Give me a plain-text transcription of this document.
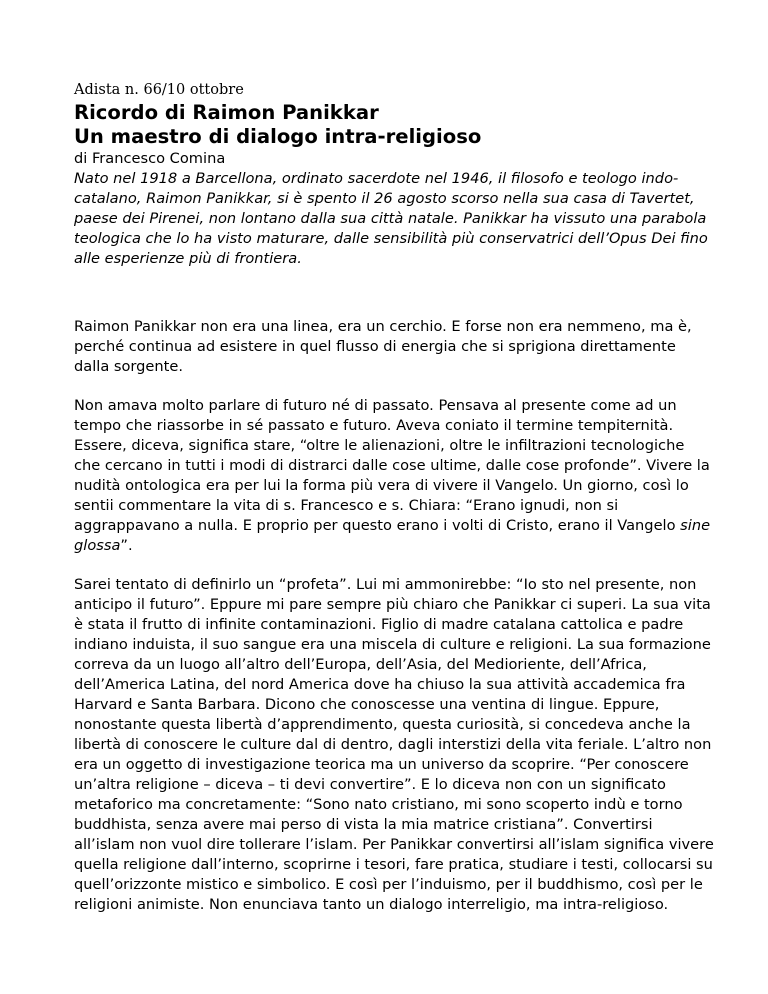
Adista n. 66/10 ottobre
Ricordo di Raimon Panikkar
Un maestro di dialogo intra-religioso

di Francesco Comina

Nato nel 1918 a Barcellona, ordinato sacerdote nel 1946, il filosofo e teologo indo-catalano, Raimon Panikkar, si è spento il 26 agosto scorso nella sua casa di Tavertet, paese dei Pirenei, non lontano dalla sua città natale. Panikkar ha vissuto una parabola teologica che lo ha visto maturare, dalle sensibilità più conservatrici dell’Opus Dei fino alle esperienze più di frontiera.

Raimon Panikkar non era una linea, era un cerchio. E forse non era nemmeno, ma è, perché continua ad esistere in quel flusso di energia che si sprigiona direttamente dalla sorgente.

Non amava molto parlare di futuro né di passato. Pensava al presente come ad un tempo che riassorbe in sé passato e futuro. Aveva coniato il termine tempiternità. Essere, diceva, significa stare, “oltre le alienazioni, oltre le infiltrazioni tecnologiche che cercano in tutti i modi di distrarci dalle cose ultime, dalle cose profonde”. Vivere la nudità ontologica era per lui la forma più vera di vivere il Vangelo. Un giorno, così lo sentii commentare la vita di s. Francesco e s. Chiara: “Erano ignudi, non si aggrappavano a nulla. E proprio per questo erano i volti di Cristo, erano il Vangelo sine glossa”.

Sarei tentato di definirlo un “profeta”. Lui mi ammonirebbe: “Io sto nel presente, non anticipo il futuro”. Eppure mi pare sempre più chiaro che Panikkar ci superi. La sua vita è stata il frutto di infinite contaminazioni. Figlio di madre catalana cattolica e padre indiano induista, il suo sangue era una miscela di culture e religioni. La sua formazione correva da un luogo all’altro dell’Europa, dell’Asia, del Medioriente, dell’Africa, dell’America Latina, del nord America dove ha chiuso la sua attività accademica fra Harvard e Santa Barbara. Dicono che conoscesse una ventina di lingue. Eppure, nonostante questa libertà d’apprendimento, questa curiosità, si concedeva anche la libertà di conoscere le culture dal di dentro, dagli interstizi della vita feriale. L’altro non era un oggetto di investigazione teorica ma un universo da scoprire. “Per conoscere un’altra religione – diceva – ti devi convertire”. E lo diceva non con un significato metaforico ma concretamente: “Sono nato cristiano, mi sono scoperto indù e torno buddhista, senza avere mai perso di vista la mia matrice cristiana”. Convertirsi all’islam non vuol dire tollerare l’islam. Per Panikkar convertirsi all’islam significa vivere quella religione dall’interno, scoprirne i tesori, fare pratica, studiare i testi, collocarsi su quell’orizzonte mistico e simbolico. E così per l’induismo, per il buddhismo, così per le religioni animiste. Non enunciava tanto un dialogo interreligio, ma intra-religioso.
